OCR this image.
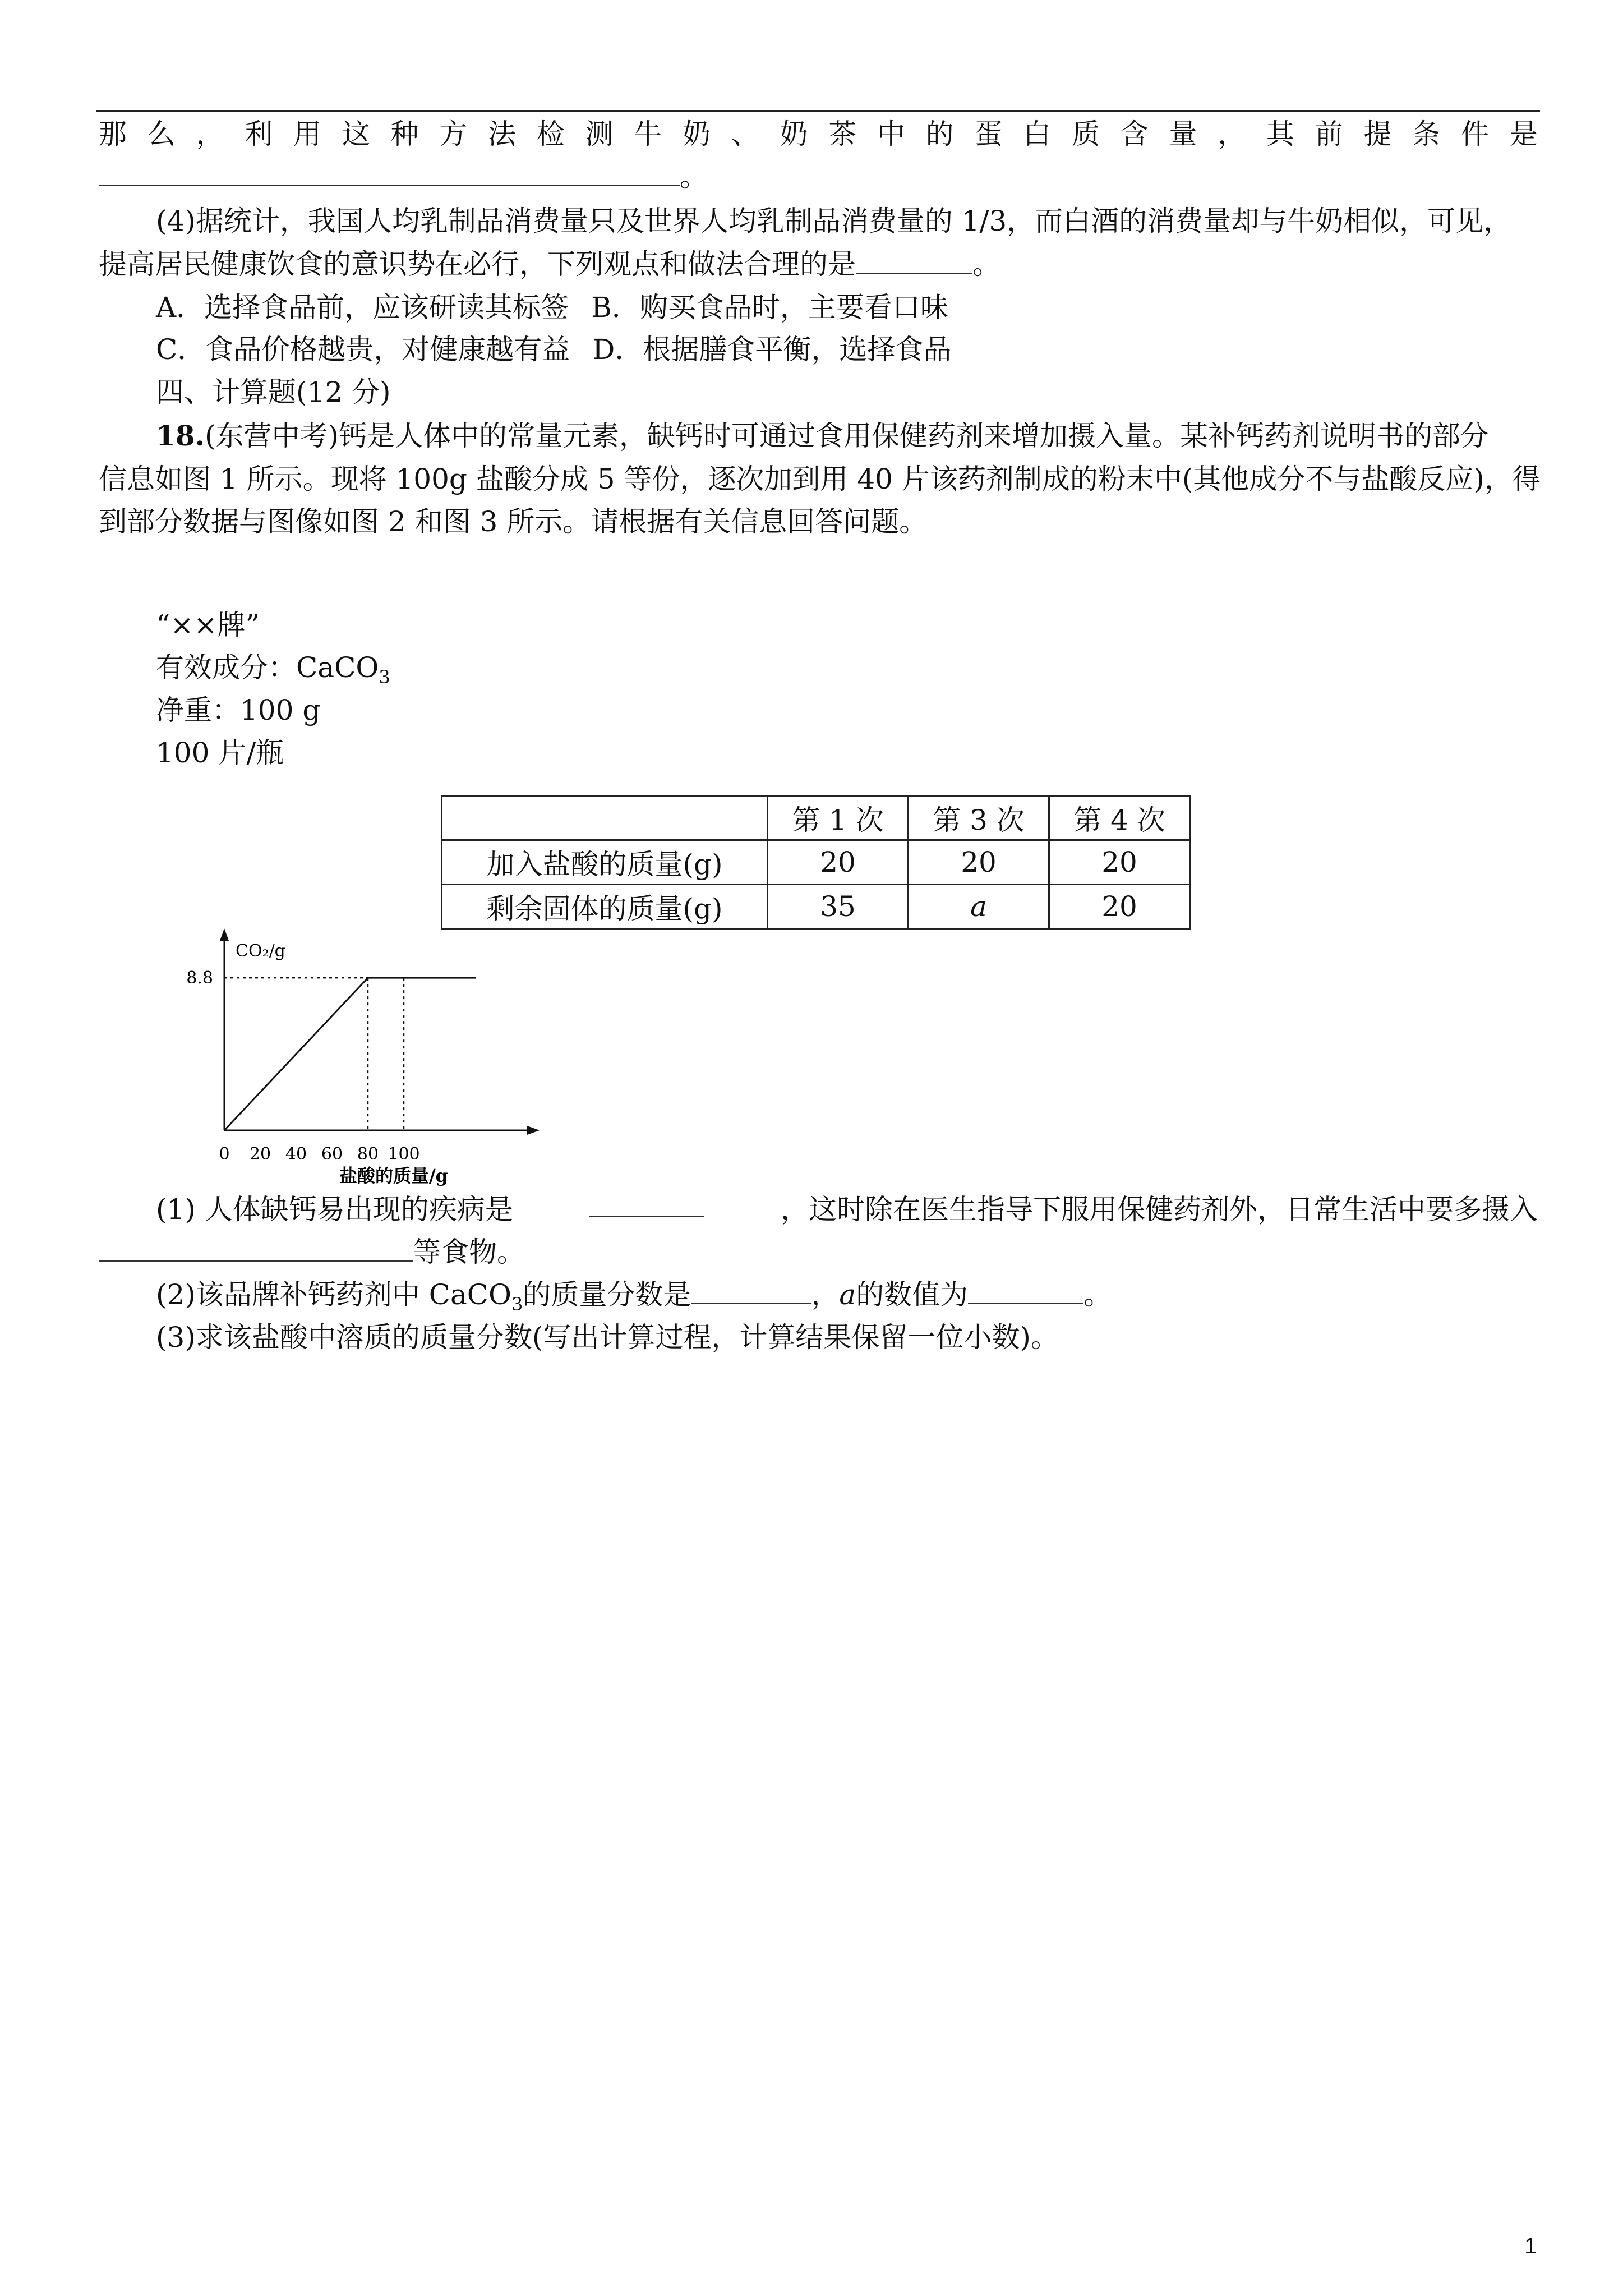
那 么 ， 利 用 这 种 方 法 检 测 牛 奶 、 奶 茶 中 的 蛋 白 质 含 量 ， 其 前 提 条 件 是
。
(4)据统计，我国人均乳制品消费量只及世界人均乳制品消费量的 1/3，而白酒的消费量却与牛奶相似，可见，
提高居民健康饮食的意识势在必行，下列观点和做法合理的是	。
A．选择食品前，应该研读其标签 B．购买食品时，主要看口味
C．食品价格越贵，对健康越有益 D．根据膳食平衡，选择食品
四、计算题(12 分)
18.(东营中考)钙是人体中的常量元素，缺钙时可通过食用保健药剂来增加摄入量。某补钙药剂说明书的部分
信息如图 1 所示。现将 100g 盐酸分成 5 等份，逐次加到用 40 片该药剂制成的粉末中(其他成分不与盐酸反应)，得
到部分数据与图像如图 2 和图 3 所示。请根据有关信息回答问题。
“××牌”
有效成分：CaCO$_3$
净重：100 g
100 片/瓶
	第 1 次	第 3 次	第 4 次
加入盐酸的质量(g)	20	20	20
剩余固体的质量(g)	35	a	20
CO₂/g
盐酸的质量/g
8.8
0 20 40 60 80 100
(1) 人体缺钙易出现的疾病是	，这时除在医生指导下服用保健药剂外，日常生活中要多摄入
等食物。
(2)该品牌补钙药剂中 CaCO$_3$的质量分数是	，a的数值为	。
(3)求该盐酸中溶质的质量分数(写出计算过程，计算结果保留一位小数)。
1
